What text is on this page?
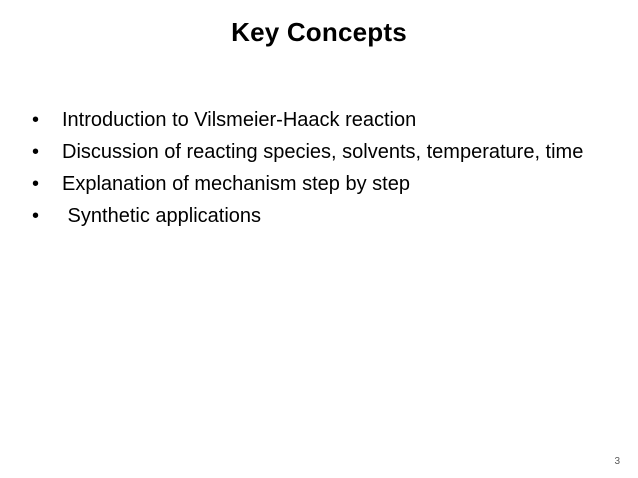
Key Concepts
•	Introduction to Vilsmeier-Haack reaction
•	Discussion of reacting species, solvents, temperature, time
•	Explanation of mechanism step by step
•	Synthetic applications
3
